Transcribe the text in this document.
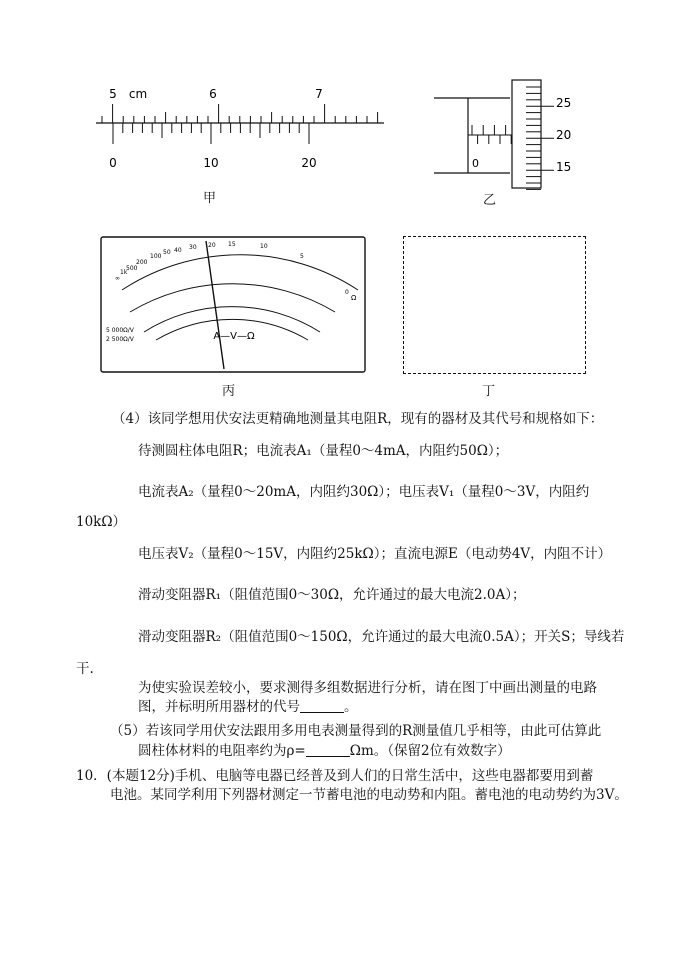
5 cm	6	7
0	10	20
甲
0
25
20
15
乙
∞
1k
500
200
100
50 40 30 20 15	10
5
0
Ω
5 000Ω/V
2 500Ω/V	A—V—Ω
丙	丁
（4）该同学想用伏安法更精确地测量其电阻R，现有的器材及其代号和规格如下：
待测圆柱体电阻R；电流表A₁（量程0～4mA，内阻约50Ω）；
电流表A₂（量程0～20mA，内阻约30Ω）；电压表V₁（量程0～3V，内阻约
10kΩ）
电压表V₂（量程0～15V，内阻约25kΩ）；直流电源E（电动势4V，内阻不计）
滑动变阻器R₁（阻值范围0～30Ω，允许通过的最大电流2.0A）；
滑动变阻器R₂（阻值范围0～150Ω，允许通过的最大电流0.5A）；开关S；导线若
干.
为使实验误差较小，要求测得多组数据进行分析，请在图丁中画出测量的电路
图，并标明所用器材的代号	。
（5）若该同学用伏安法跟用多用电表测量得到的R测量值几乎相等，由此可估算此
圆柱体材料的电阻率约为ρ=	Ωm。（保留2位有效数字）
10．(本题12分)手机、电脑等电器已经普及到人们的日常生活中，这些电器都要用到蓄
电池。某同学利用下列器材测定一节蓄电池的电动势和内阻。蓄电池的电动势约为3V。
